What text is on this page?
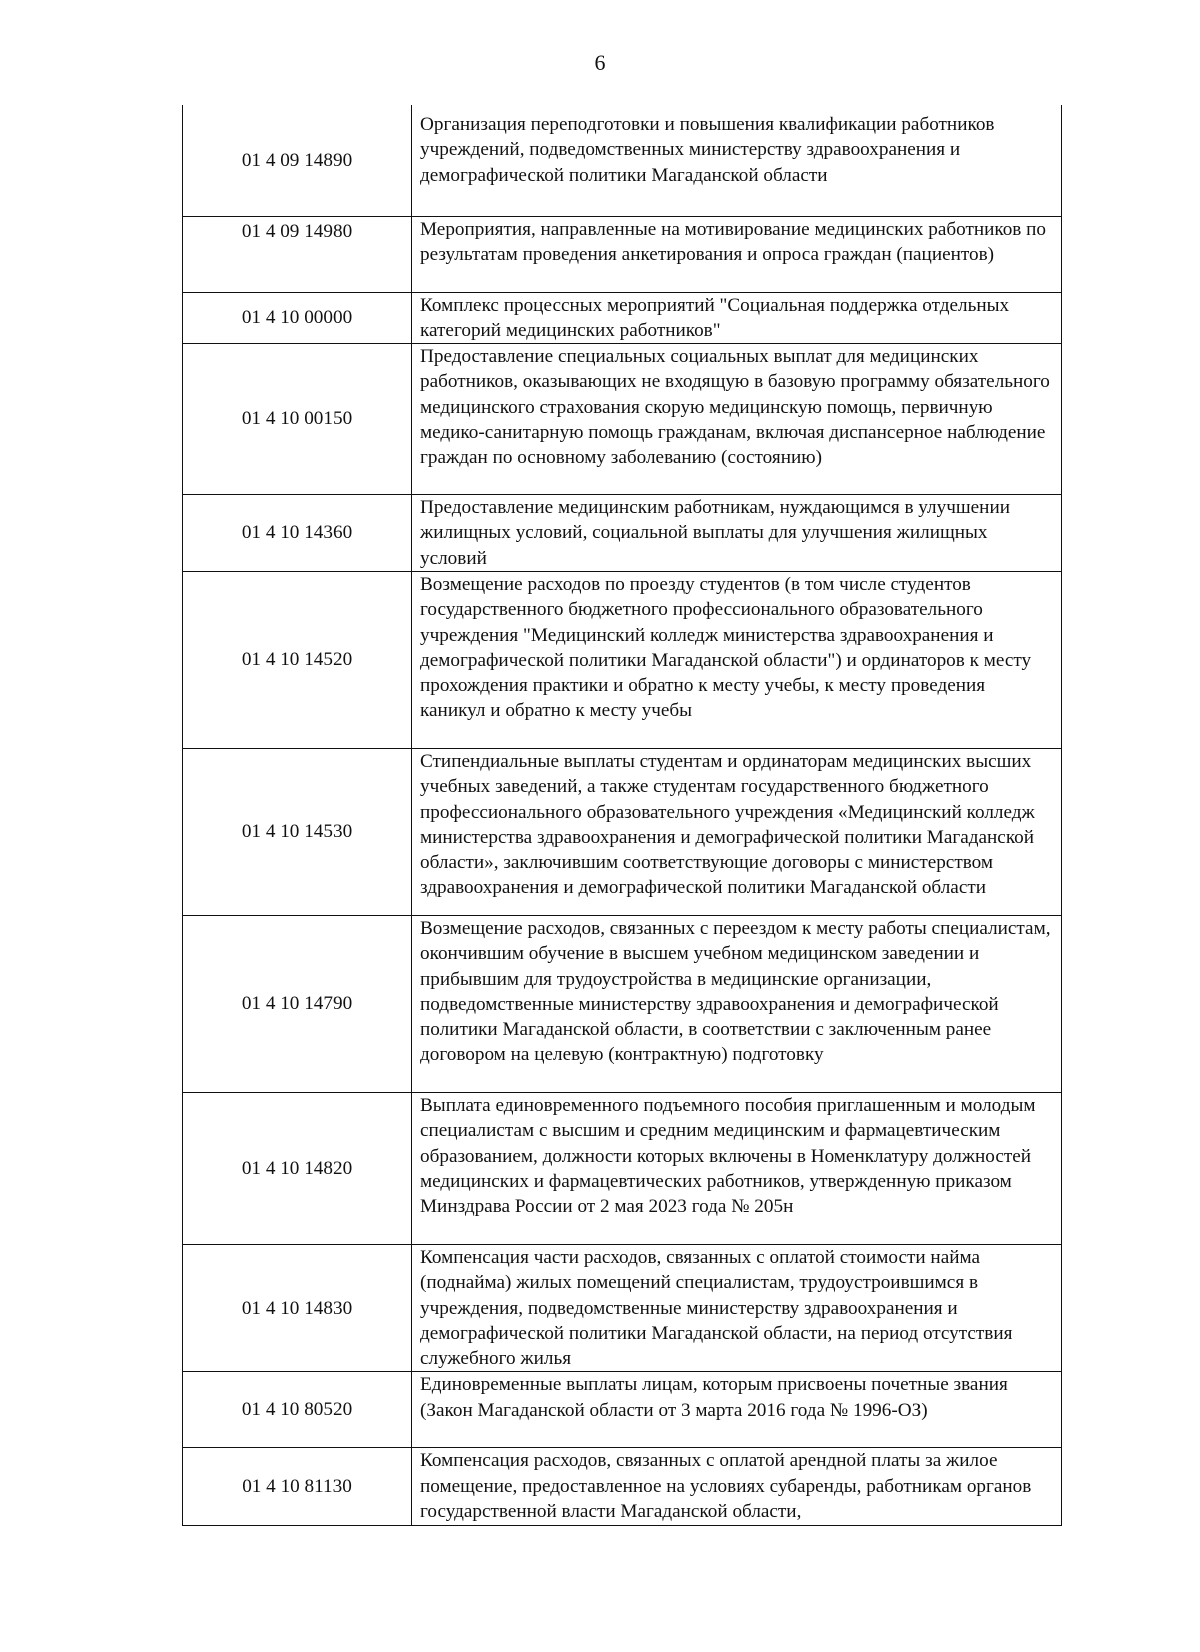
6
01 4 09 14890	Организация переподготовки и повышения квалификации работников учреждений, подведомственных министерству здравоохранения и демографической политики Магаданской области

01 4 09 14980	Мероприятия, направленные на мотивирование медицинских работников по результатам проведения анкетирования и опроса граждан (пациентов)
01 4 10 00000	Комплекс процессных мероприятий "Социальная поддержка отдельных категорий медицинских работников"
01 4 10 00150	Предоставление специальных социальных выплат для медицинских работников, оказывающих не входящую в базовую программу обязательного медицинского страхования скорую медицинскую помощь, первичную медико-санитарную помощь гражданам, включая диспансерное наблюдение граждан по основному заболеванию (состоянию)
01 4 10 14360	Предоставление медицинским работникам, нуждающимся в улучшении жилищных условий, социальной выплаты для улучшения жилищных условий
01 4 10 14520	Возмещение расходов по проезду студентов (в том числе студентов государственного бюджетного профессионального образовательного учреждения "Медицинский колледж министерства здравоохранения и демографической политики Магаданской области") и ординаторов к месту прохождения практики и обратно к месту учебы, к месту проведения каникул и обратно к месту учебы
01 4 10 14530	Стипендиальные выплаты студентам и ординаторам медицинских высших учебных заведений, а также студентам государственного бюджетного профессионального образовательного учреждения «Медицинский колледж министерства здравоохранения и демографической политики Магаданской области», заключившим соответствующие договоры с министерством здравоохранения и демографической политики Магаданской области
01 4 10 14790	Возмещение расходов, связанных с переездом к месту работы специалистам, окончившим обучение в высшем учебном медицинском заведении и прибывшим для трудоустройства в медицинские организации, подведомственные министерству здравоохранения и демографической политики Магаданской области, в соответствии с заключенным ранее договором на целевую (контрактную) подготовку
01 4 10 14820	Выплата единовременного подъемного пособия приглашенным и молодым специалистам с высшим и средним медицинским и фармацевтическим образованием, должности которых включены в Номенклатуру должностей медицинских и фармацевтических работников, утвержденную приказом Минздрава России от 2 мая 2023 года № 205н
01 4 10 14830	Компенсация части расходов, связанных с оплатой стоимости найма (поднайма) жилых помещений специалистам, трудоустроившимся в учреждения, подведомственные министерству здравоохранения и демографической политики Магаданской области, на период отсутствия служебного жилья
01 4 10 80520	Единовременные выплаты лицам, которым присвоены почетные звания (Закон Магаданской области от 3 марта 2016 года № 1996-ОЗ)
01 4 10 81130	Компенсация расходов, связанных с оплатой арендной платы за жилое помещение, предоставленное на условиях субаренды, работникам органов государственной власти Магаданской области,
